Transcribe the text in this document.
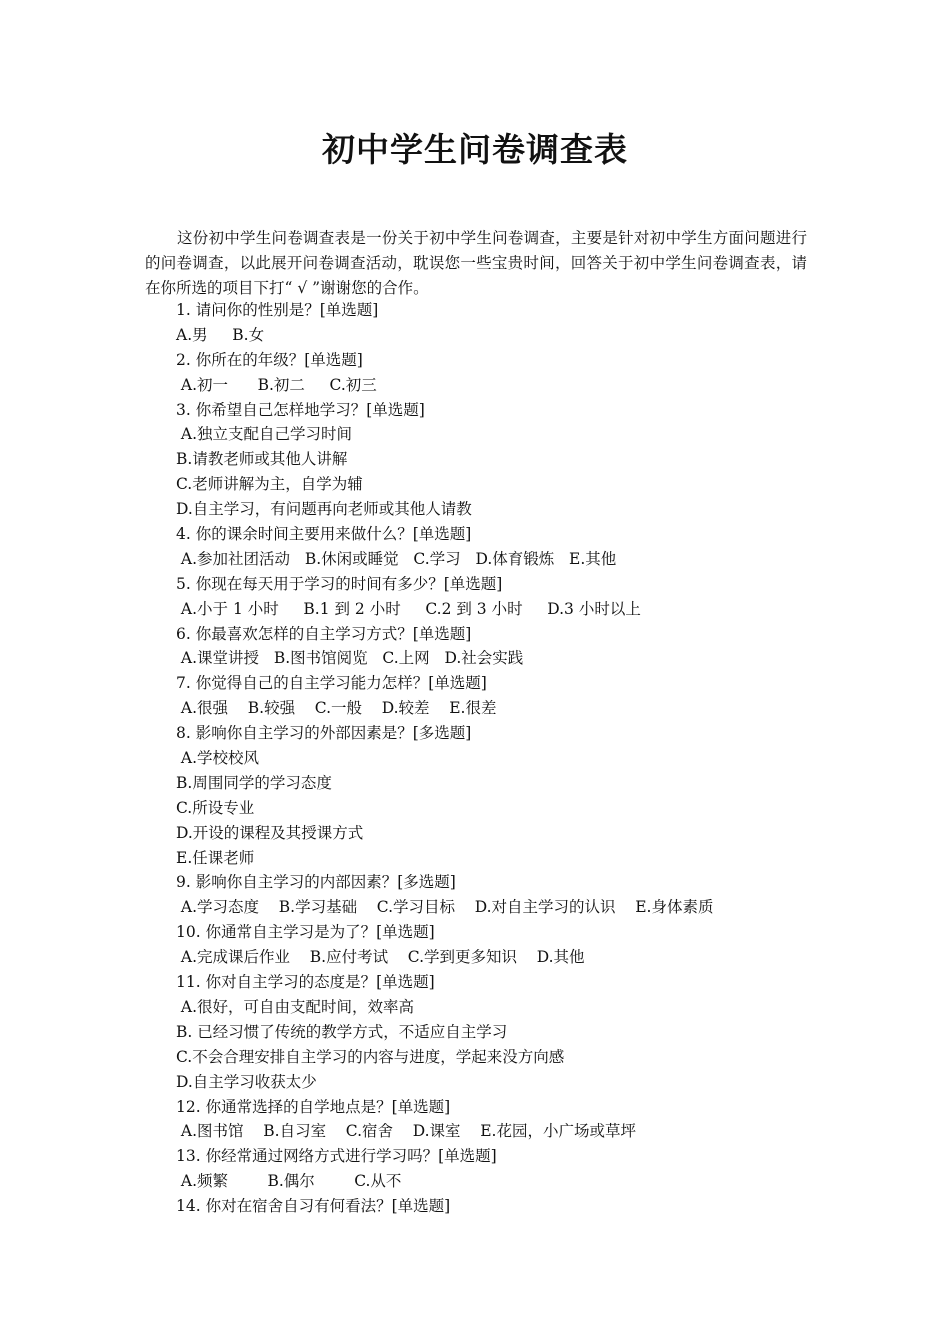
初中学生问卷调查表

这份初中学生问卷调查表是一份关于初中学生问卷调查，主要是针对初中学生方面问题进行的问卷调查，以此展开问卷调查活动，耽误您一些宝贵时间，回答关于初中学生问卷调查表，请在你所选的项目下打“ √ ”谢谢您的合作。

1. 请问你的性别是？[单选题]
A.男     B.女
2. 你所在的年级？[单选题]
A.初一      B.初二     C.初三
3. 你希望自己怎样地学习？[单选题]
A.独立支配自己学习时间
B.请教老师或其他人讲解
C.老师讲解为主，自学为辅
D.自主学习，有问题再向老师或其他人请教
4. 你的课余时间主要用来做什么？[单选题]
A.参加社团活动   B.休闲或睡觉   C.学习   D.体育锻炼   E.其他
5. 你现在每天用于学习的时间有多少？[单选题]
A.小于 1 小时     B.1 到 2 小时     C.2 到 3 小时     D.3 小时以上
6. 你最喜欢怎样的自主学习方式？[单选题]
A.课堂讲授   B.图书馆阅览   C.上网   D.社会实践
7. 你觉得自己的自主学习能力怎样？[单选题]
A.很强    B.较强    C.一般    D.较差    E.很差
8. 影响你自主学习的外部因素是？[多选题]
A.学校校风
B.周围同学的学习态度
C.所设专业
D.开设的课程及其授课方式
E.任课老师
9. 影响你自主学习的内部因素？[多选题]
A.学习态度    B.学习基础    C.学习目标    D.对自主学习的认识    E.身体素质
10. 你通常自主学习是为了？[单选题]
A.完成课后作业    B.应付考试    C.学到更多知识    D.其他
11. 你对自主学习的态度是？[单选题]
A.很好，可自由支配时间，效率高
B. 已经习惯了传统的教学方式，不适应自主学习
C.不会合理安排自主学习的内容与进度，学起来没方向感
D.自主学习收获太少
12. 你通常选择的自学地点是？[单选题]
A.图书馆    B.自习室    C.宿舍    D.课室    E.花园，小广场或草坪
13. 你经常通过网络方式进行学习吗？[单选题]
A.频繁        B.偶尔        C.从不
14. 你对在宿舍自习有何看法？[单选题]
